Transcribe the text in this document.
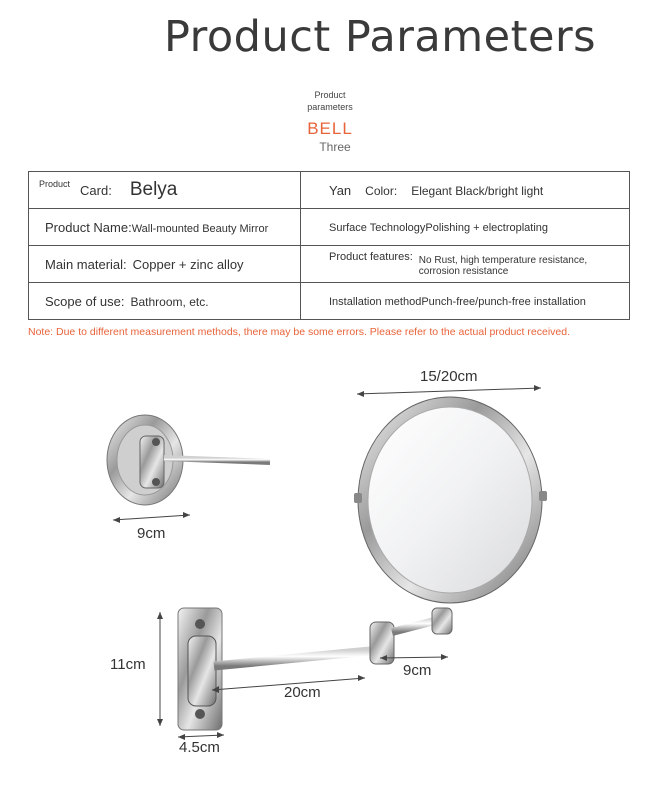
Product Parameters
Product
parameters
BELL
Three
Product Card: Belya	Yan Color: Elegant Black/bright light
Product Name:Wall-mounted Beauty Mirror	Surface TechnologyPolishing + electroplating
Main material: Copper + zinc alloy	Product features: No Rust, high temperature resistance, corrosion resistance
Scope of use: Bathroom, etc.	Installation methodPunch-free/punch-free installation
Note: Due to different measurement methods, there may be some errors. Please refer to the actual product received.
15/20cm
9cm
11cm
20cm
9cm
4.5cm
